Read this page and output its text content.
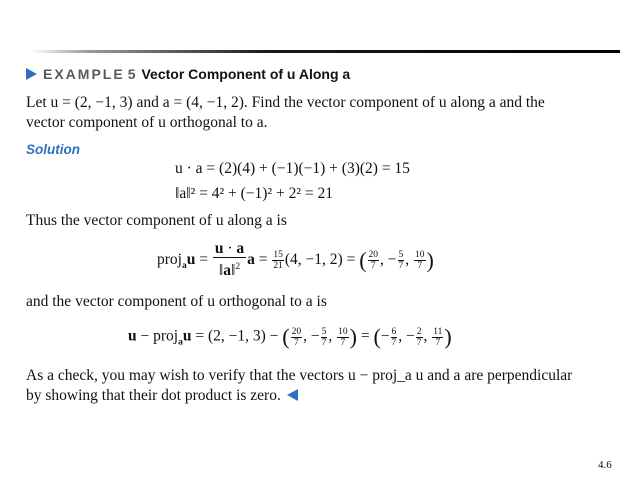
EXAMPLE 5 Vector Component of u Along a
Let u = (2, −1, 3) and a = (4, −1, 2). Find the vector component of u along a and the
vector component of u orthogonal to a.
Solution
u · a = (2)(4) + (−1)(−1) + (3)(2) = 15
‖a‖² = 4² + (−1)² + 2² = 21
Thus the vector component of u along a is
proj$_a$u = $\frac{u \cdot a}{‖a‖^2}$ $a = \frac{15}{21} (4$, −1, 2) = ( $\frac{20}{7}$ , − $\frac{5}{7}$ , $\frac{10}{7}$ )
and the vector component of u orthogonal to a is
u − proj$_a$u = (2, −1, 3) − ( $\frac{20}{7}$ , − $\frac{5}{7}$ , $\frac{10}{7}$ ) = (− $\frac{6}{7}$ , − $\frac{2}{7}$ , $\frac{11}{7}$ )
As a check, you may wish to verify that the vectors u − proj_a u and a are perpendicular
by showing that their dot product is zero.
4.6
